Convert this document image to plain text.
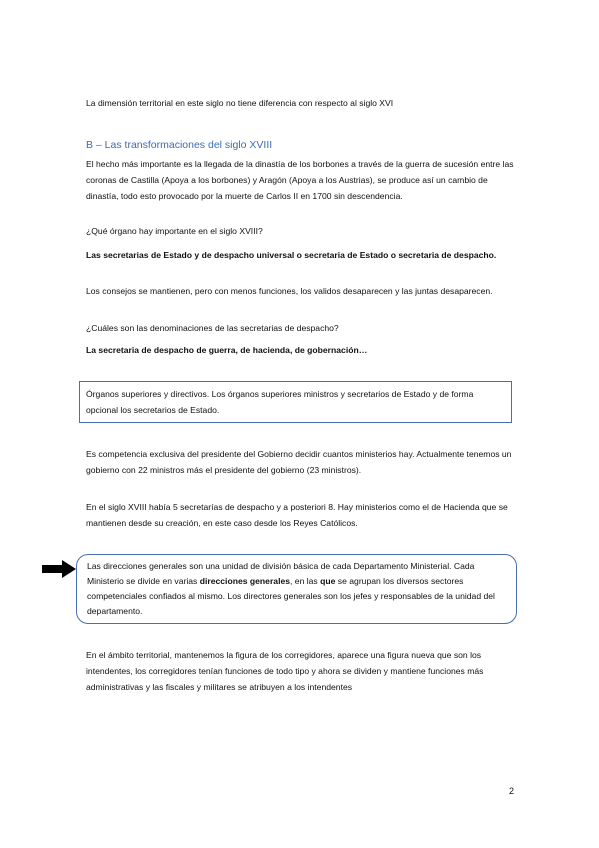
La dimensión territorial en este siglo no tiene diferencia con respecto al siglo XVI

B – Las transformaciones del siglo XVIII

El hecho más importante es la llegada de la dinastía de los borbones a través de la guerra de sucesión entre las coronas de Castilla (Apoya a los borbones) y Aragón (Apoya a los Austrias), se produce así un cambio de dinastía, todo esto provocado por la muerte de Carlos II en 1700 sin descendencia.

¿Qué órgano hay importante en el siglo XVIII?

Las secretarias de Estado y de despacho universal o secretaria de Estado o secretaria de despacho.

Los consejos se mantienen, pero con menos funciones, los validos desaparecen y las juntas desaparecen.

¿Cuáles son las denominaciones de las secretarias de despacho?

La secretaria de despacho de guerra, de hacienda, de gobernación…

Órganos superiores y directivos. Los órganos superiores ministros y secretarios de Estado y de forma opcional los secretarios de Estado.

Es competencia exclusiva del presidente del Gobierno decidir cuantos ministerios hay. Actualmente tenemos un gobierno con 22 ministros más el presidente del gobierno (23 ministros).

En el siglo XVIII había 5 secretarías de despacho y a posteriori 8. Hay ministerios como el de Hacienda que se mantienen desde su creación, en este caso desde los Reyes Católicos.

Las direcciones generales son una unidad de división básica de cada Departamento Ministerial. Cada Ministerio se divide en varias direcciones generales, en las que se agrupan los diversos sectores competenciales confiados al mismo. Los directores generales son los jefes y responsables de la unidad del departamento.

En el ámbito territorial, mantenemos la figura de los corregidores, aparece una figura nueva que son los intendentes, los corregidores tenían funciones de todo tipo y ahora se dividen y mantiene funciones más administrativas y las fiscales y militares se atribuyen a los intendentes

2
